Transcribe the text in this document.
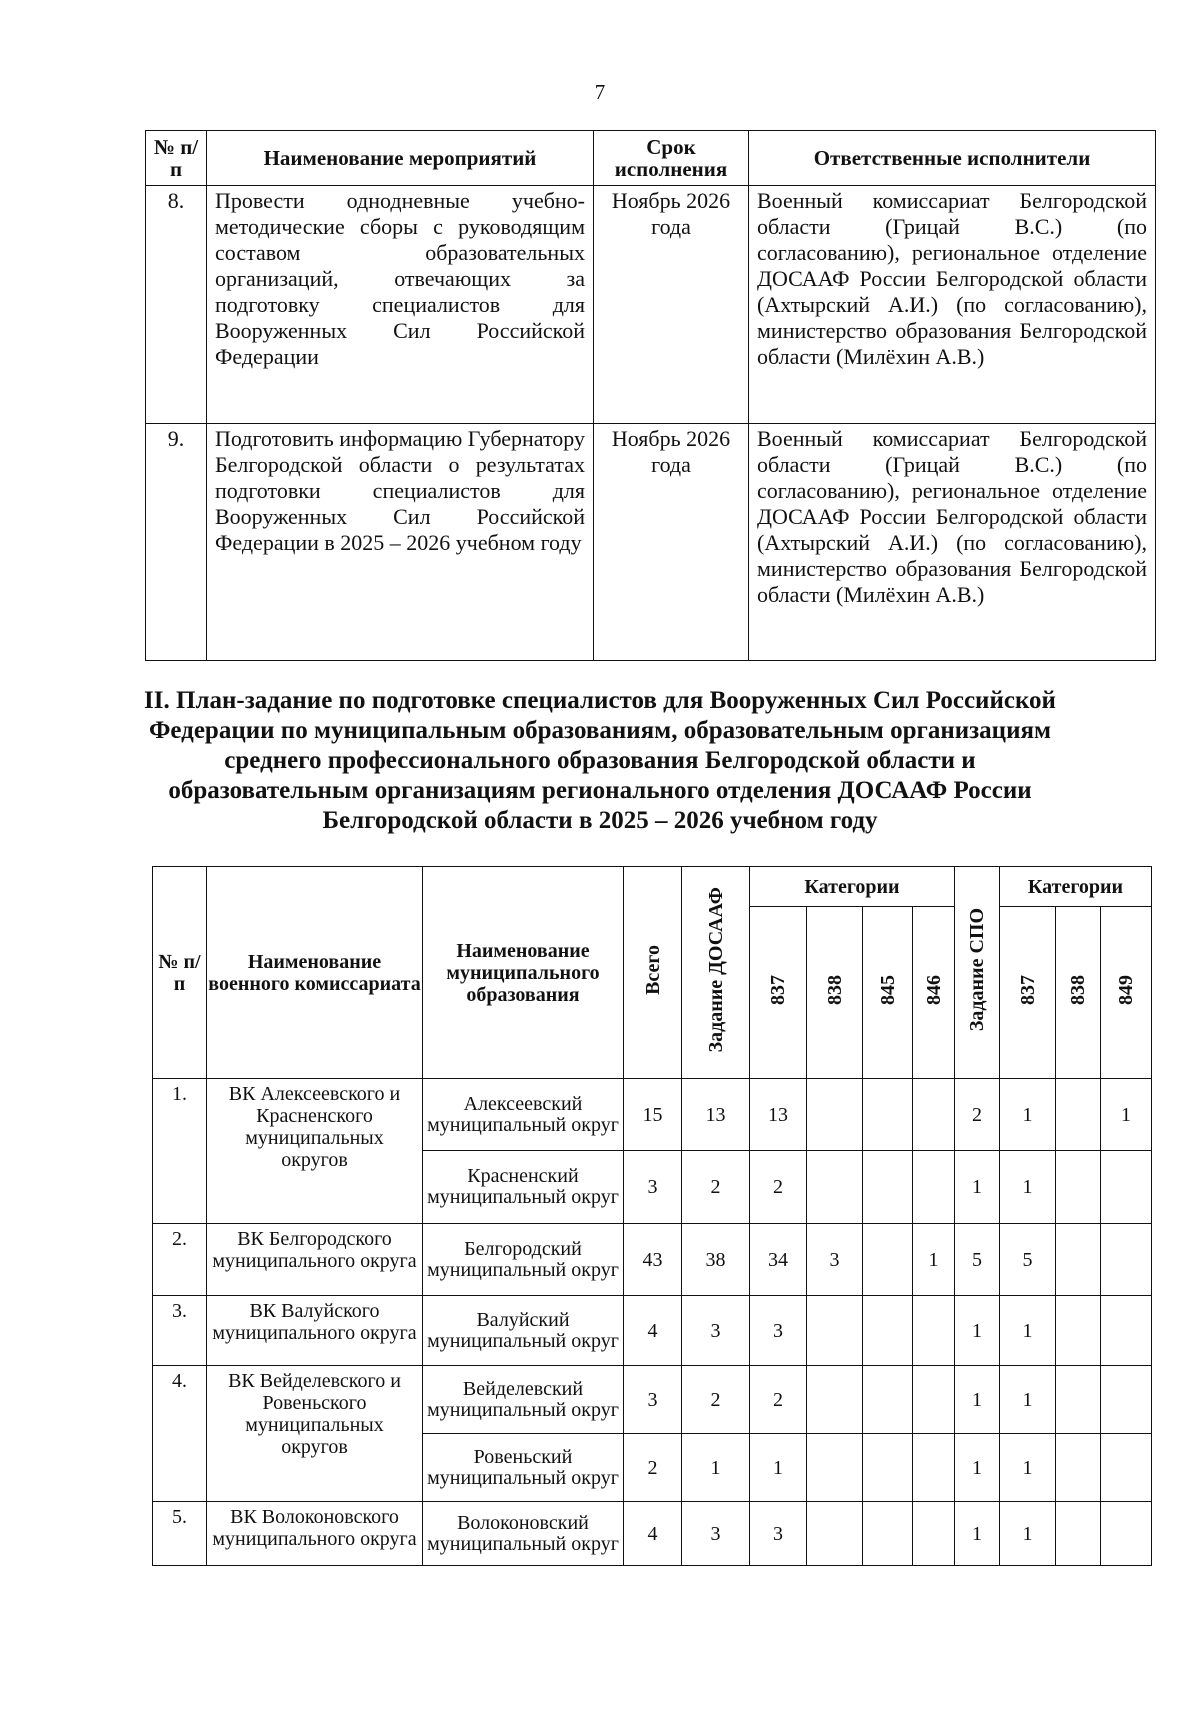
7
№ п/п	Наименование мероприятий	Срок исполнения	Ответственные исполнители
8.	Провести однодневные учебно-методические сборы с руководящим составом образовательных организаций, отвечающих за подготовку специалистов для Вооруженных Сил Российской Федерации	Ноябрь 2026 года	Военный комиссариат Белгородской области (Грицай В.С.) (по согласованию), региональное отделение ДОСААФ России Белгородской области (Ахтырский А.И.) (по согласованию), министерство образования Белгородской области (Милёхин А.В.)
9.	Подготовить информацию Губернатору Белгородской области о результатах подготовки специалистов для Вооруженных Сил Российской Федерации в 2025 – 2026 учебном году	Ноябрь 2026 года	Военный комиссариат Белгородской области (Грицай В.С.) (по согласованию), региональное отделение ДОСААФ России Белгородской области (Ахтырский А.И.) (по согласованию), министерство образования Белгородской области (Милёхин А.В.)
II. План-задание по подготовке специалистов для Вооруженных Сил Российской Федерации по муниципальным образованиям, образовательным организациям среднего профессионального образования Белгородской области и образовательным организациям регионального отделения ДОСААФ России Белгородской области в 2025 – 2026 учебном году
№ п/п	Наименование военного комиссариата	Наименование муниципального образования	Всего	Задание ДОСААФ	Категории				Задание СПО	Категории		
					837	838	845	846		837	838	849
1.	ВК Алексеевского и Красненского муниципальных округов	Алексеевский муниципальный округ	15	13	13				2	1		1
		Красненский муниципальный округ	3	2	2				1	1		
2.	ВК Белгородского муниципального округа	Белгородский муниципальный округ	43	38	34	3		1	5	5		
3.	ВК Валуйского муниципального округа	Валуйский муниципальный округ	4	3	3				1	1		
4.	ВК Вейделевского и Ровеньского муниципальных округов	Вейделевский муниципальный округ	3	2	2				1	1		
		Ровеньский муниципальный округ	2	1	1				1	1		
5.	ВК Волоконовского муниципального округа	Волоконовский муниципальный округ	4	3	3				1	1		
